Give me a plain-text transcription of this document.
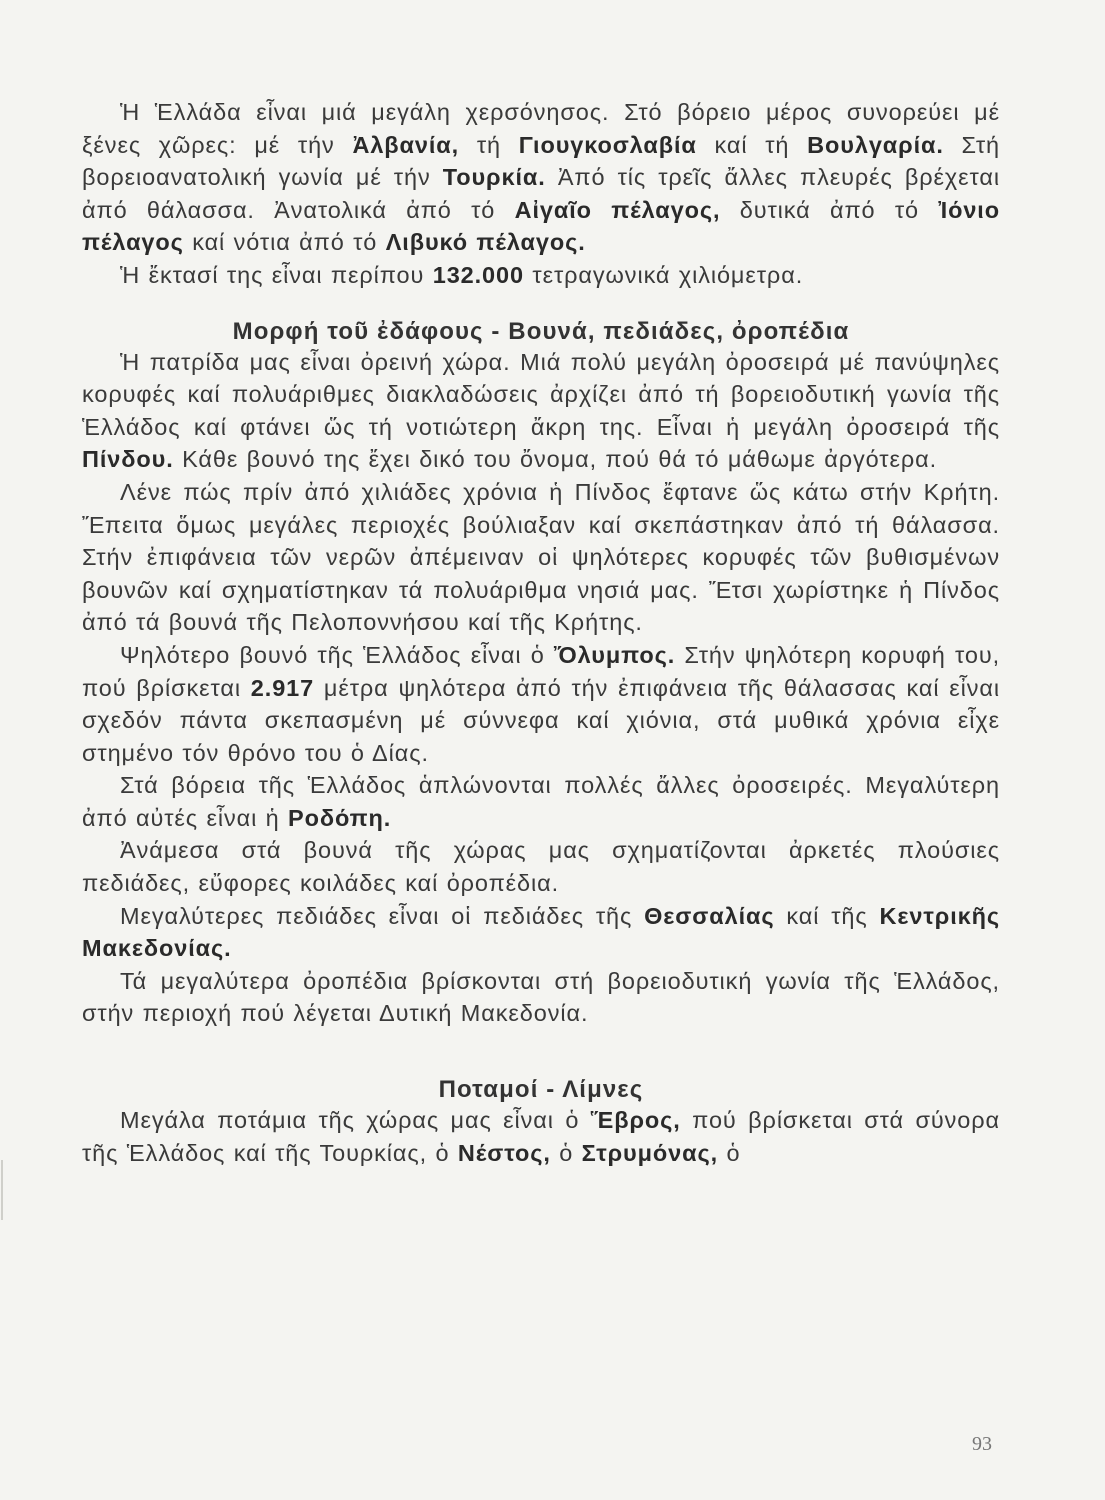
Ἡ Ἑλλάδα εἶναι μιά μεγάλη χερσόνησος. Στό βόρειο μέρος συνορεύει μέ ξένες χῶρες: μέ τήν Ἀλβανία, τή Γιουγκοσλαβία καί τή Βουλγαρία. Στή βορειοανατολική γωνία μέ τήν Τουρκία. Ἀπό τίς τρεῖς ἄλλες πλευρές βρέχεται ἀπό θάλασσα. Ἀνατολικά ἀπό τό Αἰγαῖο πέλαγος, δυτικά ἀπό τό Ἰόνιο πέλαγος καί νότια ἀπό τό Λιβυκό πέλαγος.

Ἡ ἔκτασί της εἶναι περίπου 132.000 τετραγωνικά χιλιόμετρα.

Μορφή τοῦ ἐδάφους - Βουνά, πεδιάδες, ὀροπέδια

Ἡ πατρίδα μας εἶναι ὀρεινή χώρα. Μιά πολύ μεγάλη ὀροσειρά μέ πανύψηλες κορυφές καί πολυάριθμες διακλαδώσεις ἀρχίζει ἀπό τή βορειοδυτική γωνία τῆς Ἑλλάδος καί φτάνει ὥς τή νοτιώτερη ἄκρη της. Εἶναι ἡ μεγάλη ὀροσειρά τῆς Πίνδου. Κάθε βουνό της ἔχει δικό του ὄνομα, πού θά τό μάθωμε ἀργότερα.

Λένε πώς πρίν ἀπό χιλιάδες χρόνια ἡ Πίνδος ἔφτανε ὥς κάτω στήν Κρήτη. Ἔπειτα ὅμως μεγάλες περιοχές βούλιαξαν καί σκεπάστηκαν ἀπό τή θάλασσα. Στήν ἐπιφάνεια τῶν νερῶν ἀπέμειναν οἱ ψηλότερες κορυφές τῶν βυθισμένων βουνῶν καί σχηματίστηκαν τά πολυάριθμα νησιά μας. Ἔτσι χωρίστηκε ἡ Πίνδος ἀπό τά βουνά τῆς Πελοποννήσου καί τῆς Κρήτης.

Ψηλότερο βουνό τῆς Ἑλλάδος εἶναι ὁ Ὄλυμπος. Στήν ψηλότερη κορυφή του, πού βρίσκεται 2.917 μέτρα ψηλότερα ἀπό τήν ἐπιφάνεια τῆς θάλασσας καί εἶναι σχεδόν πάντα σκεπασμένη μέ σύννεφα καί χιόνια, στά μυθικά χρόνια εἶχε στημένο τόν θρόνο του ὁ Δίας.

Στά βόρεια τῆς Ἑλλάδος ἁπλώνονται πολλές ἄλλες ὀροσειρές. Μεγαλύτερη ἀπό αὐτές εἶναι ἡ Ροδόπη.

Ἀνάμεσα στά βουνά τῆς χώρας μας σχηματίζονται ἀρκετές πλούσιες πεδιάδες, εὔφορες κοιλάδες καί ὀροπέδια.

Μεγαλύτερες πεδιάδες εἶναι οἱ πεδιάδες τῆς Θεσσαλίας καί τῆς Κεντρικῆς Μακεδονίας.

Τά μεγαλύτερα ὀροπέδια βρίσκονται στή βορειοδυτική γωνία τῆς Ἑλλάδος, στήν περιοχή πού λέγεται Δυτική Μακεδονία.

Ποταμοί - Λίμνες

Μεγάλα ποτάμια τῆς χώρας μας εἶναι ὁ Ἕβρος, πού βρίσκεται στά σύνορα τῆς Ἑλλάδος καί τῆς Τουρκίας, ὁ Νέστος, ὁ Στρυμόνας, ὁ

93
